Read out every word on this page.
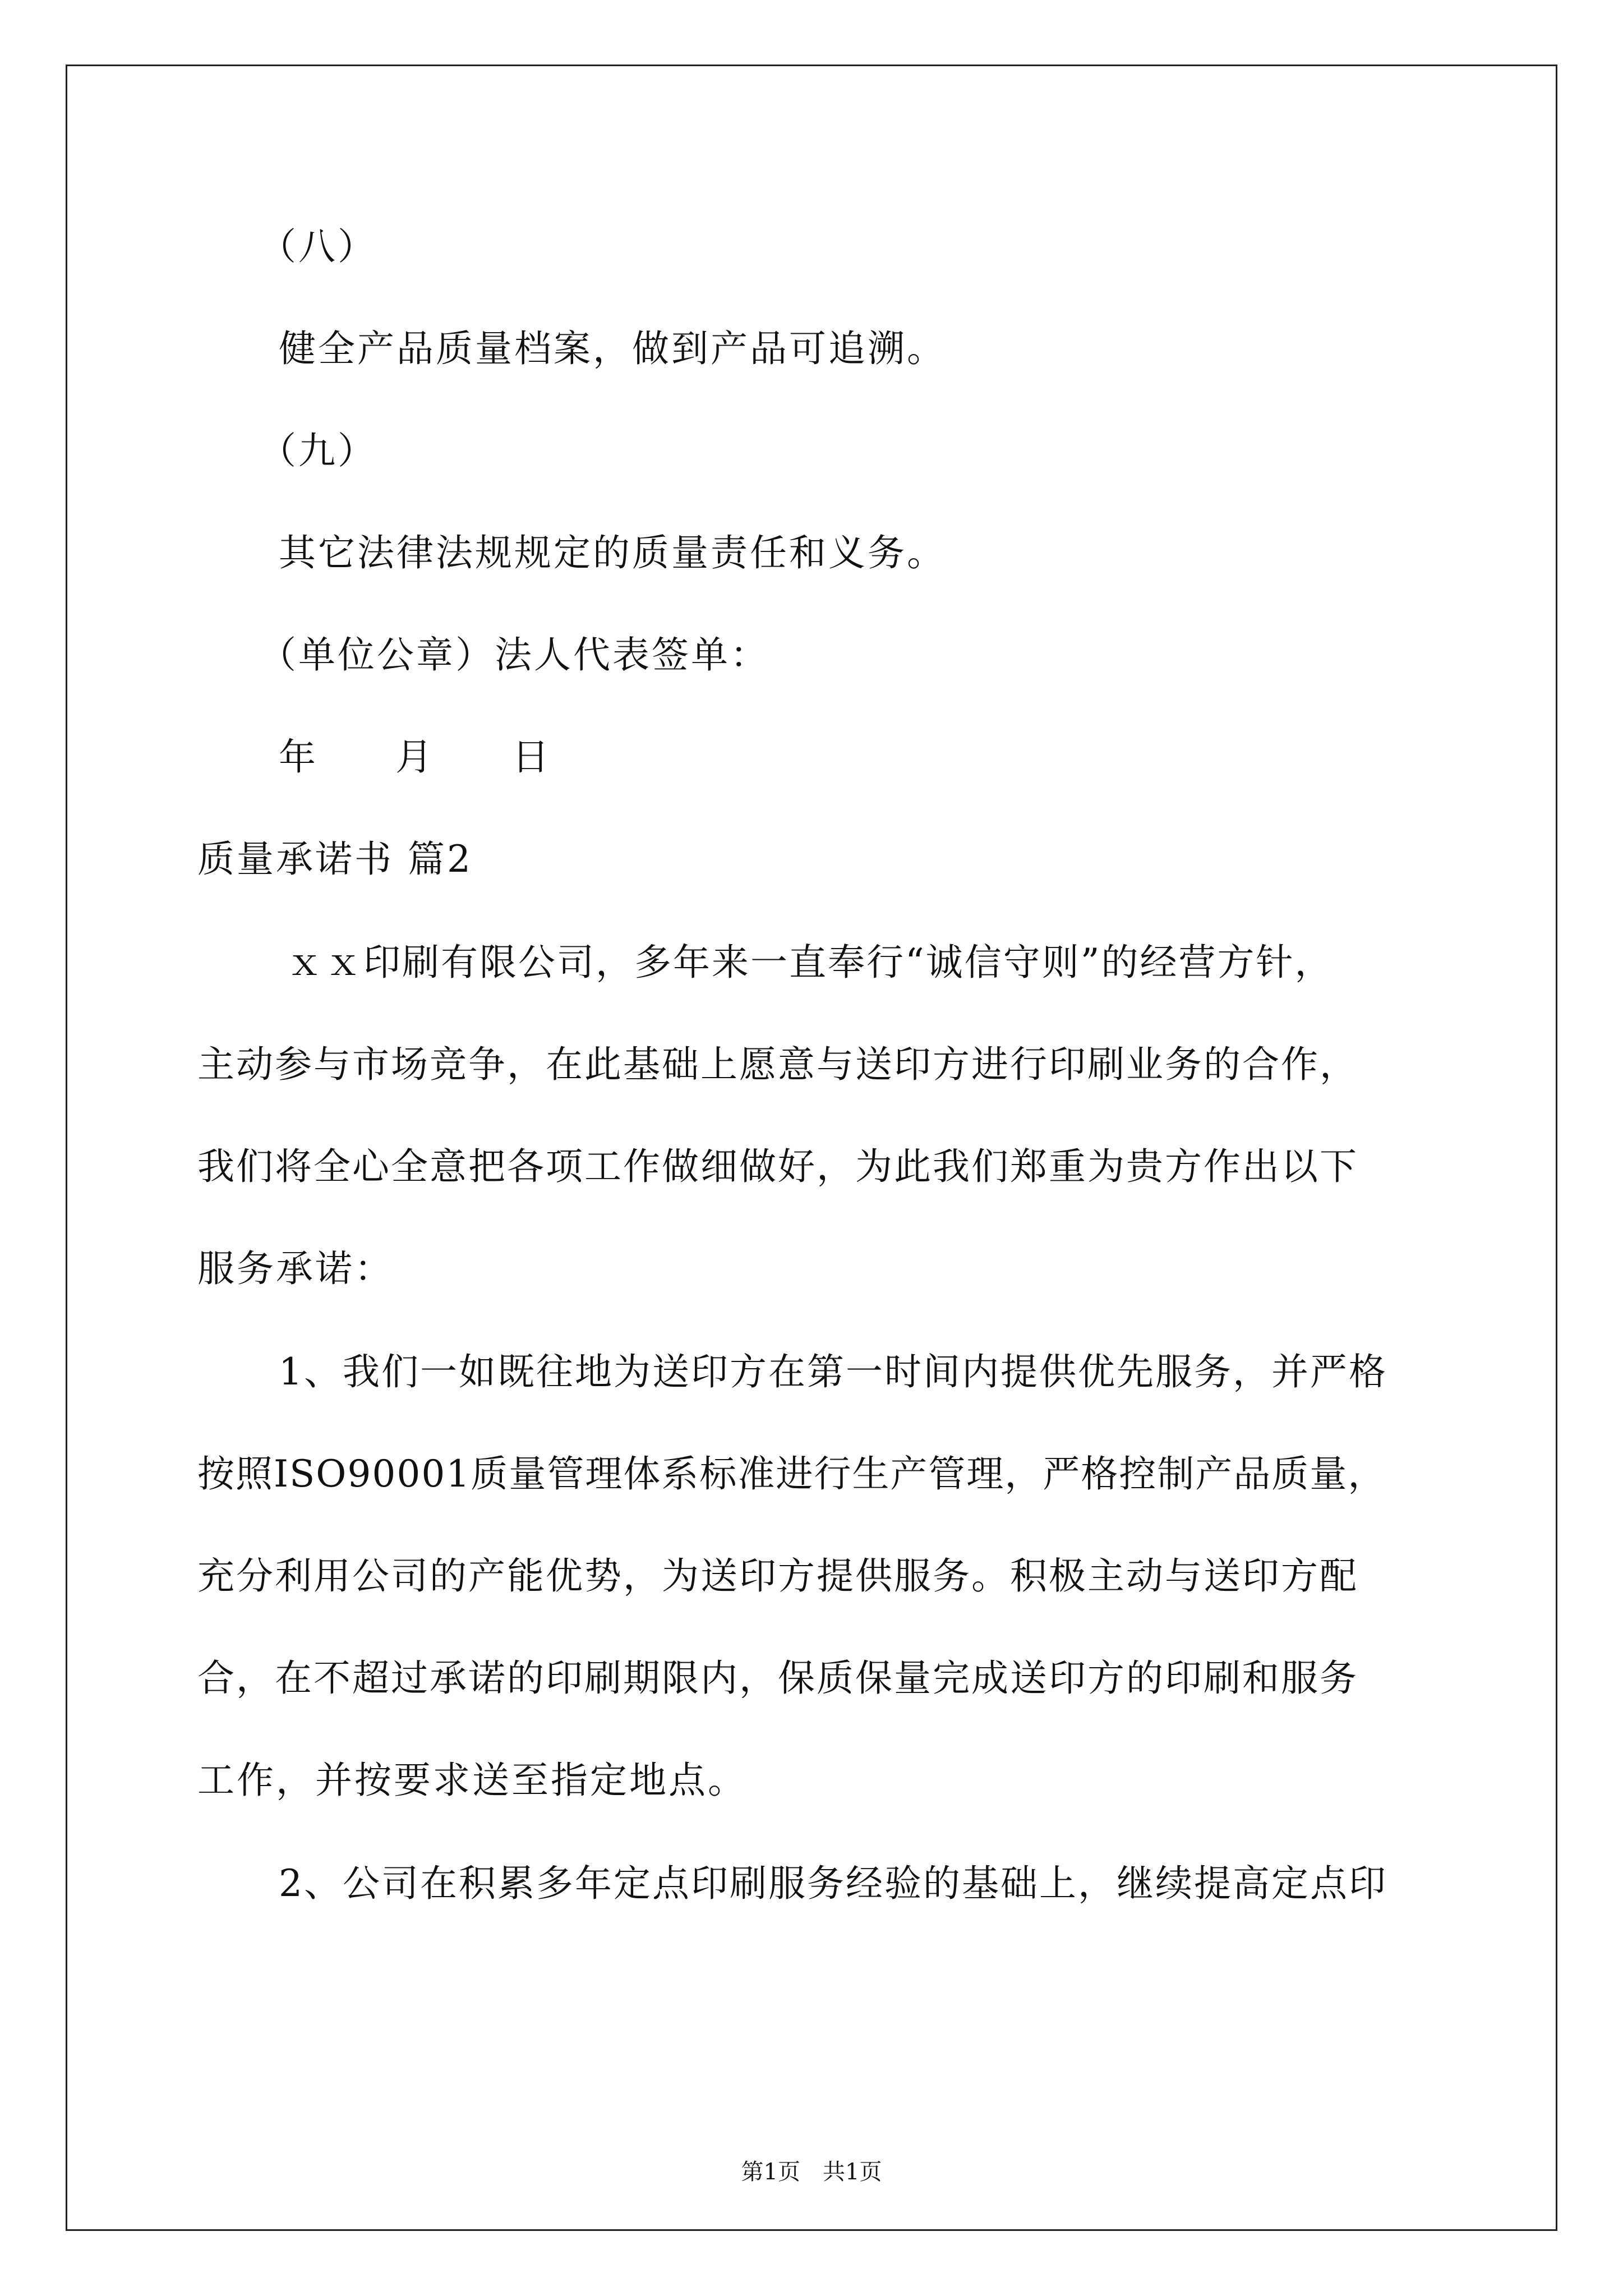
（八）
健全产品质量档案，做到产品可追溯。
（九）
其它法律法规规定的质量责任和义务。
（单位公章）法人代表签单：
年　月　日
质量承诺书 篇2
ｘｘ印刷有限公司，多年来一直奉行“诚信守则”的经营方针，
主动参与市场竞争，在此基础上愿意与送印方进行印刷业务的合作，
我们将全心全意把各项工作做细做好，为此我们郑重为贵方作出以下
服务承诺：
1、我们一如既往地为送印方在第一时间内提供优先服务，并严格
按照ISO90001质量管理体系标准进行生产管理，严格控制产品质量，
充分利用公司的产能优势，为送印方提供服务。积极主动与送印方配
合，在不超过承诺的印刷期限内，保质保量完成送印方的印刷和服务
工作，并按要求送至指定地点。
2、公司在积累多年定点印刷服务经验的基础上，继续提高定点印
第1页　共1页
